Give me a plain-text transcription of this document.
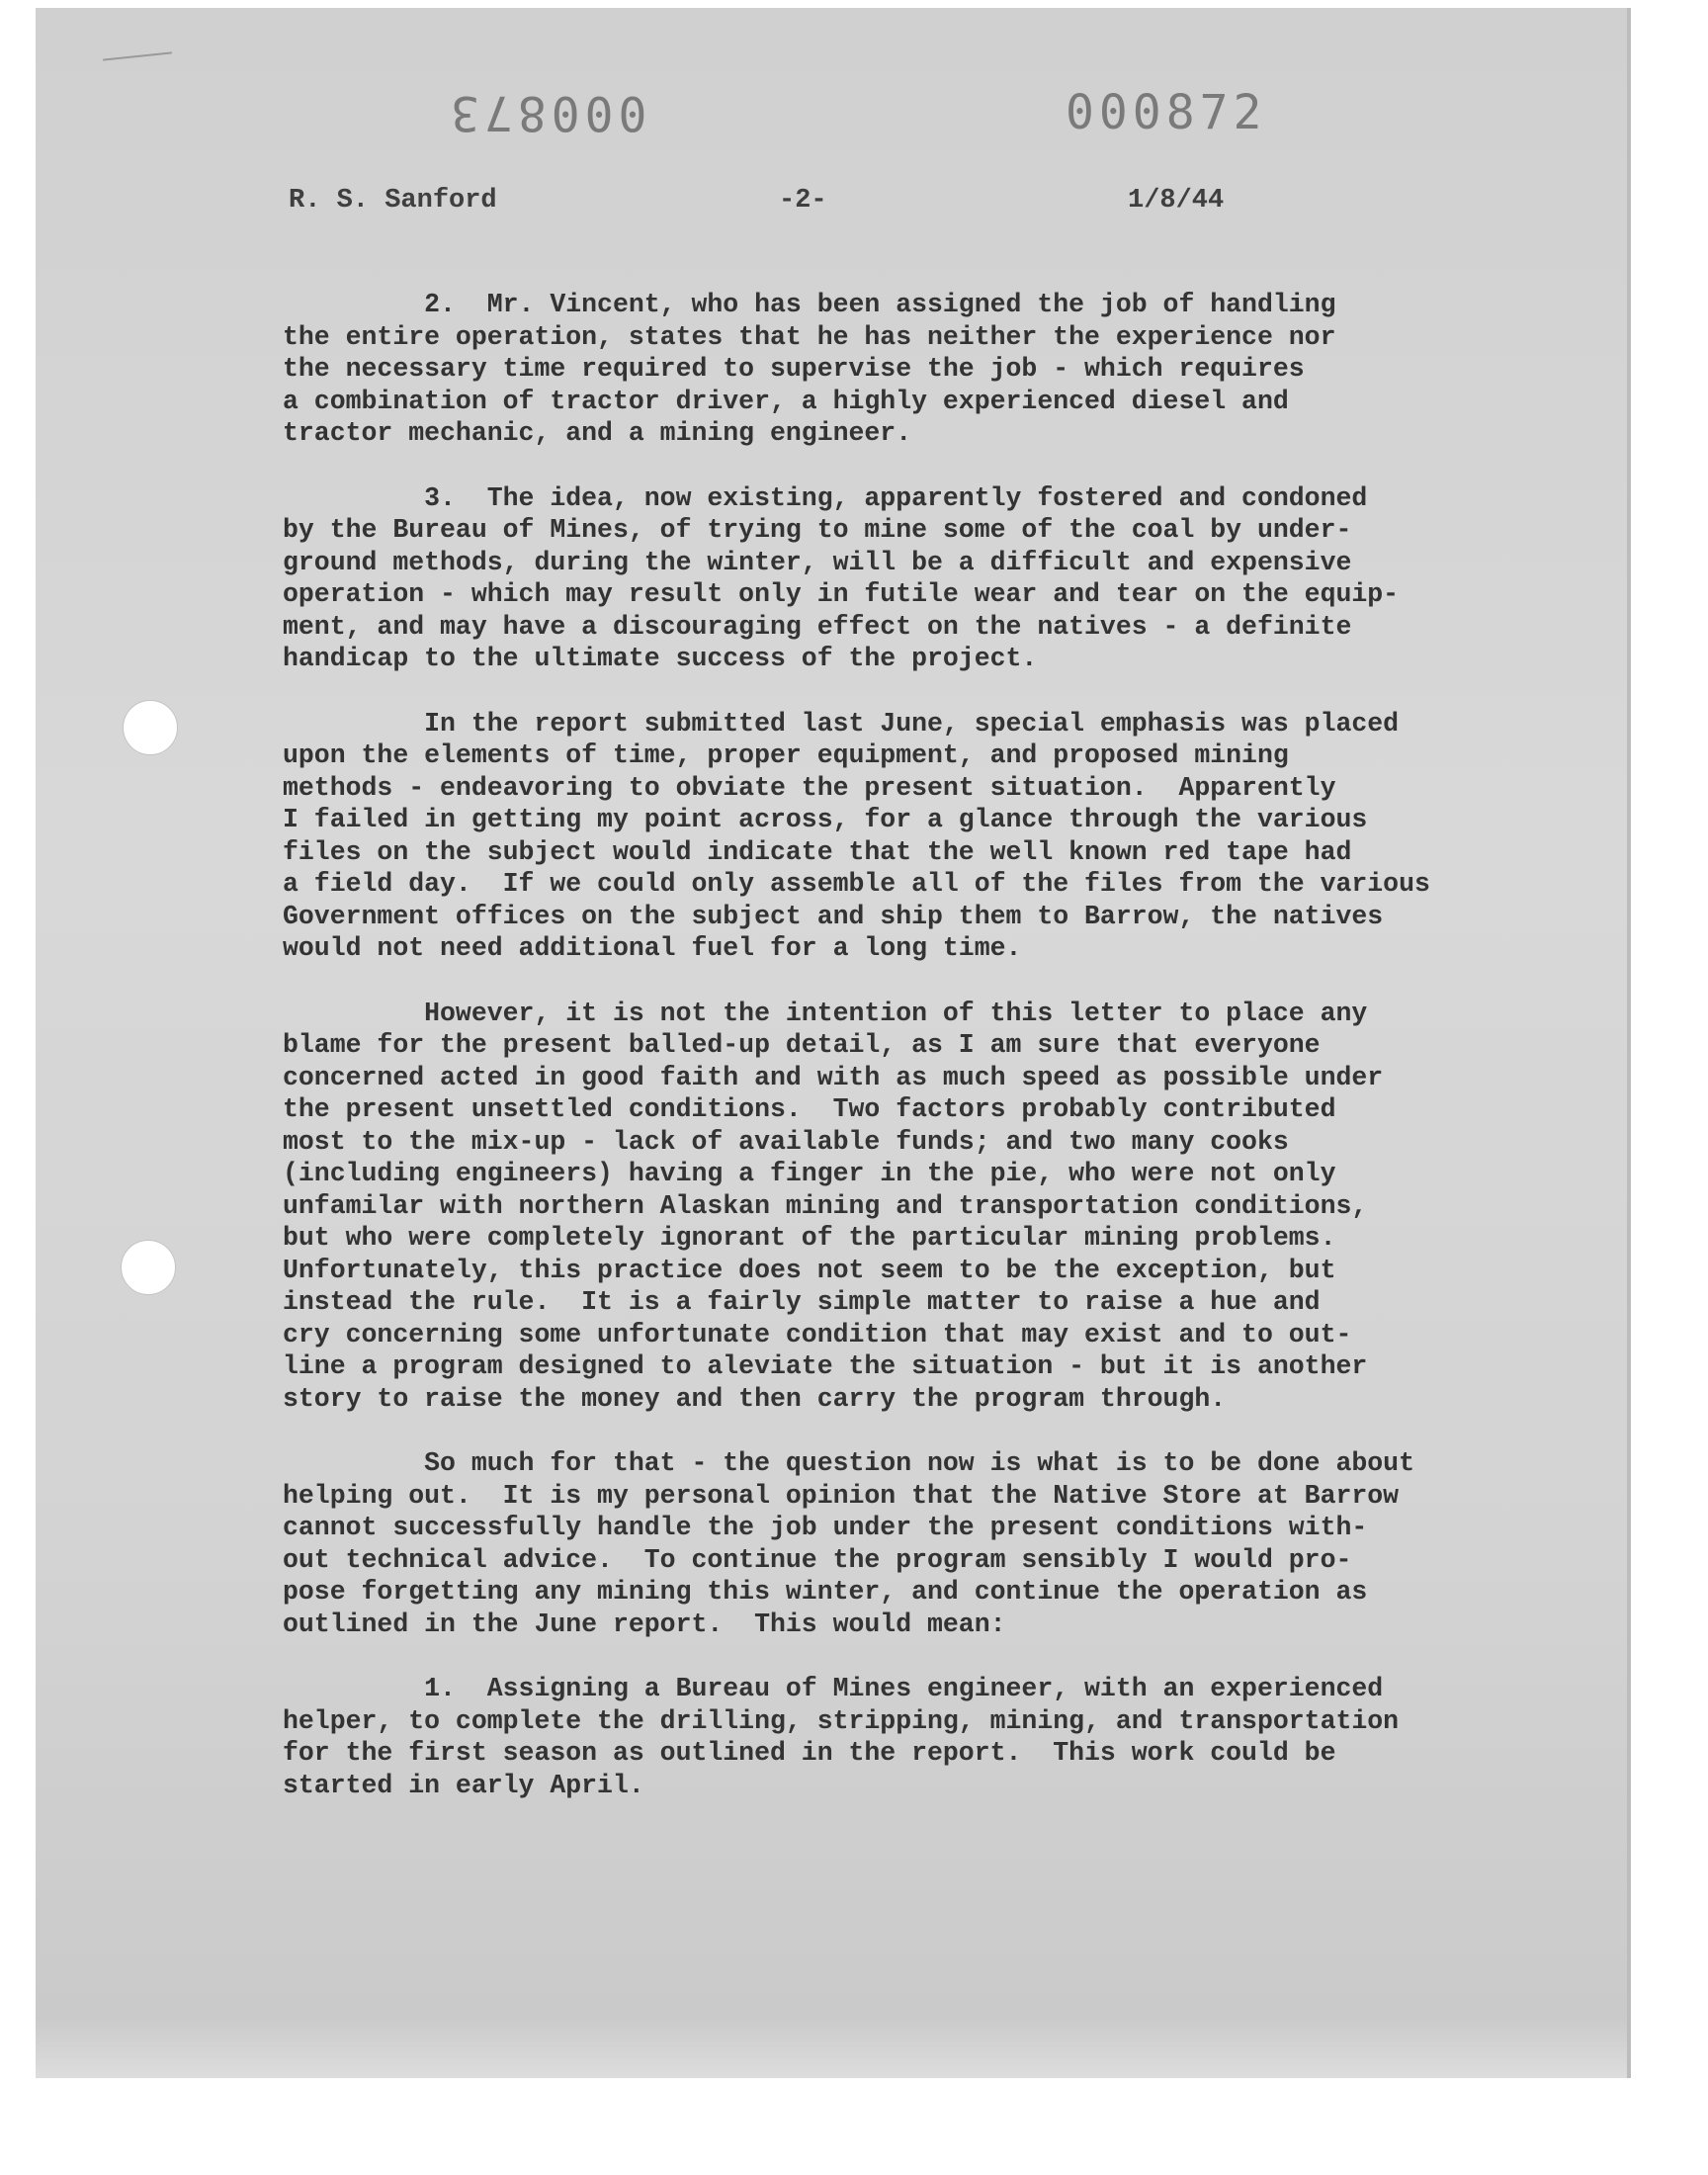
000873	000872
R. S. Sanford	-2-	1/8/44

2.  Mr. Vincent, who has been assigned the job of handling
the entire operation, states that he has neither the experience nor
the necessary time required to supervise the job - which requires
a combination of tractor driver, a highly experienced diesel and
tractor mechanic, and a mining engineer.

3.  The idea, now existing, apparently fostered and condoned
by the Bureau of Mines, of trying to mine some of the coal by under-
ground methods, during the winter, will be a difficult and expensive
operation - which may result only in futile wear and tear on the equip-
ment, and may have a discouraging effect on the natives - a definite
handicap to the ultimate success of the project.

In the report submitted last June, special emphasis was placed
upon the elements of time, proper equipment, and proposed mining
methods - endeavoring to obviate the present situation.  Apparently
I failed in getting my point across, for a glance through the various
files on the subject would indicate that the well known red tape had
a field day.  If we could only assemble all of the files from the various
Government offices on the subject and ship them to Barrow, the natives
would not need additional fuel for a long time.

However, it is not the intention of this letter to place any
blame for the present balled-up detail, as I am sure that everyone
concerned acted in good faith and with as much speed as possible under
the present unsettled conditions.  Two factors probably contributed
most to the mix-up - lack of available funds; and two many cooks
(including engineers) having a finger in the pie, who were not only
unfamilar with northern Alaskan mining and transportation conditions,
but who were completely ignorant of the particular mining problems.
Unfortunately, this practice does not seem to be the exception, but
instead the rule.  It is a fairly simple matter to raise a hue and
cry concerning some unfortunate condition that may exist and to out-
line a program designed to aleviate the situation - but it is another
story to raise the money and then carry the program through.

So much for that - the question now is what is to be done about
helping out.  It is my personal opinion that the Native Store at Barrow
cannot successfully handle the job under the present conditions with-
out technical advice.  To continue the program sensibly I would pro-
pose forgetting any mining this winter, and continue the operation as
outlined in the June report.  This would mean:

1.  Assigning a Bureau of Mines engineer, with an experienced
helper, to complete the drilling, stripping, mining, and transportation
for the first season as outlined in the report.  This work could be
started in early April.
